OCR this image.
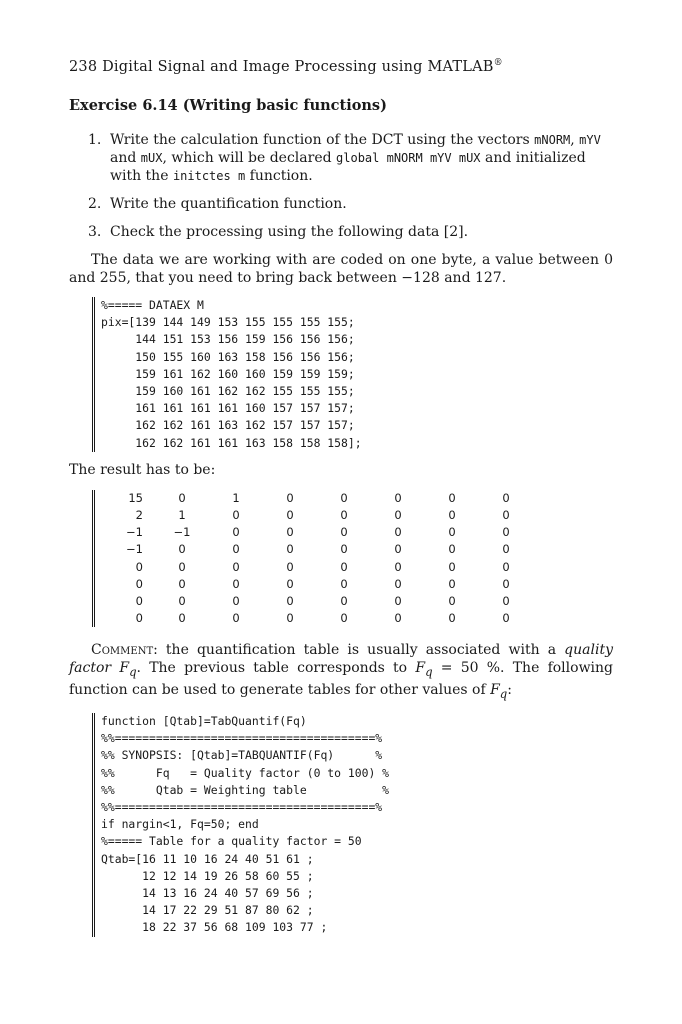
238 Digital Signal and Image Processing using MATLAB®
Exercise 6.14 (Writing basic functions)
1. Write the calculation function of the DCT using the vectors mNORM, mYV and mUX, which will be declared global mNORM mYV mUX and initialized with the initctes m function.
2. Write the quantification function.
3. Check the processing using the following data [2].
The data we are working with are coded on one byte, a value between 0 and 255, that you need to bring back between −128 and 127.
%===== DATAEX M
pix=[139 144 149 153 155 155 155 155;
144 151 153 156 159 156 156 156;
150 155 160 163 158 156 156 156;
159 161 162 160 160 159 159 159;
159 160 161 162 162 155 155 155;
161 161 161 161 160 157 157 157;
162 162 161 163 162 157 157 157;
162 162 161 161 163 158 158 158];
The result has to be:
15	0	1	0	0	0	0	0
2	1	0	0	0	0	0	0
−1	−1	0	0	0	0	0	0
−1	0	0	0	0	0	0	0
0	0	0	0	0	0	0	0
0	0	0	0	0	0	0	0
0	0	0	0	0	0	0	0
0	0	0	0	0	0	0	0
Comment: the quantification table is usually associated with a quality factor $F_q$. The previous table corresponds to $F_q = 50$ %. The following function can be used to generate tables for other values of $F_q$:
function [Qtab]=TabQuantif(Fq)
%%======================================%
%% SYNOPSIS: [Qtab]=TABQUANTIF(Fq)      %
%%      Fq   = Quality factor (0 to 100) %
%%      Qtab = Weighting table           %
%%======================================%
if nargin<1, Fq=50; end
%===== Table for a quality factor = 50
Qtab=[16 11 10 16 24 40 51 61 ;
12 12 14 19 26 58 60 55 ;
14 13 16 24 40 57 69 56 ;
14 17 22 29 51 87 80 62 ;
18 22 37 56 68 109 103 77 ;
